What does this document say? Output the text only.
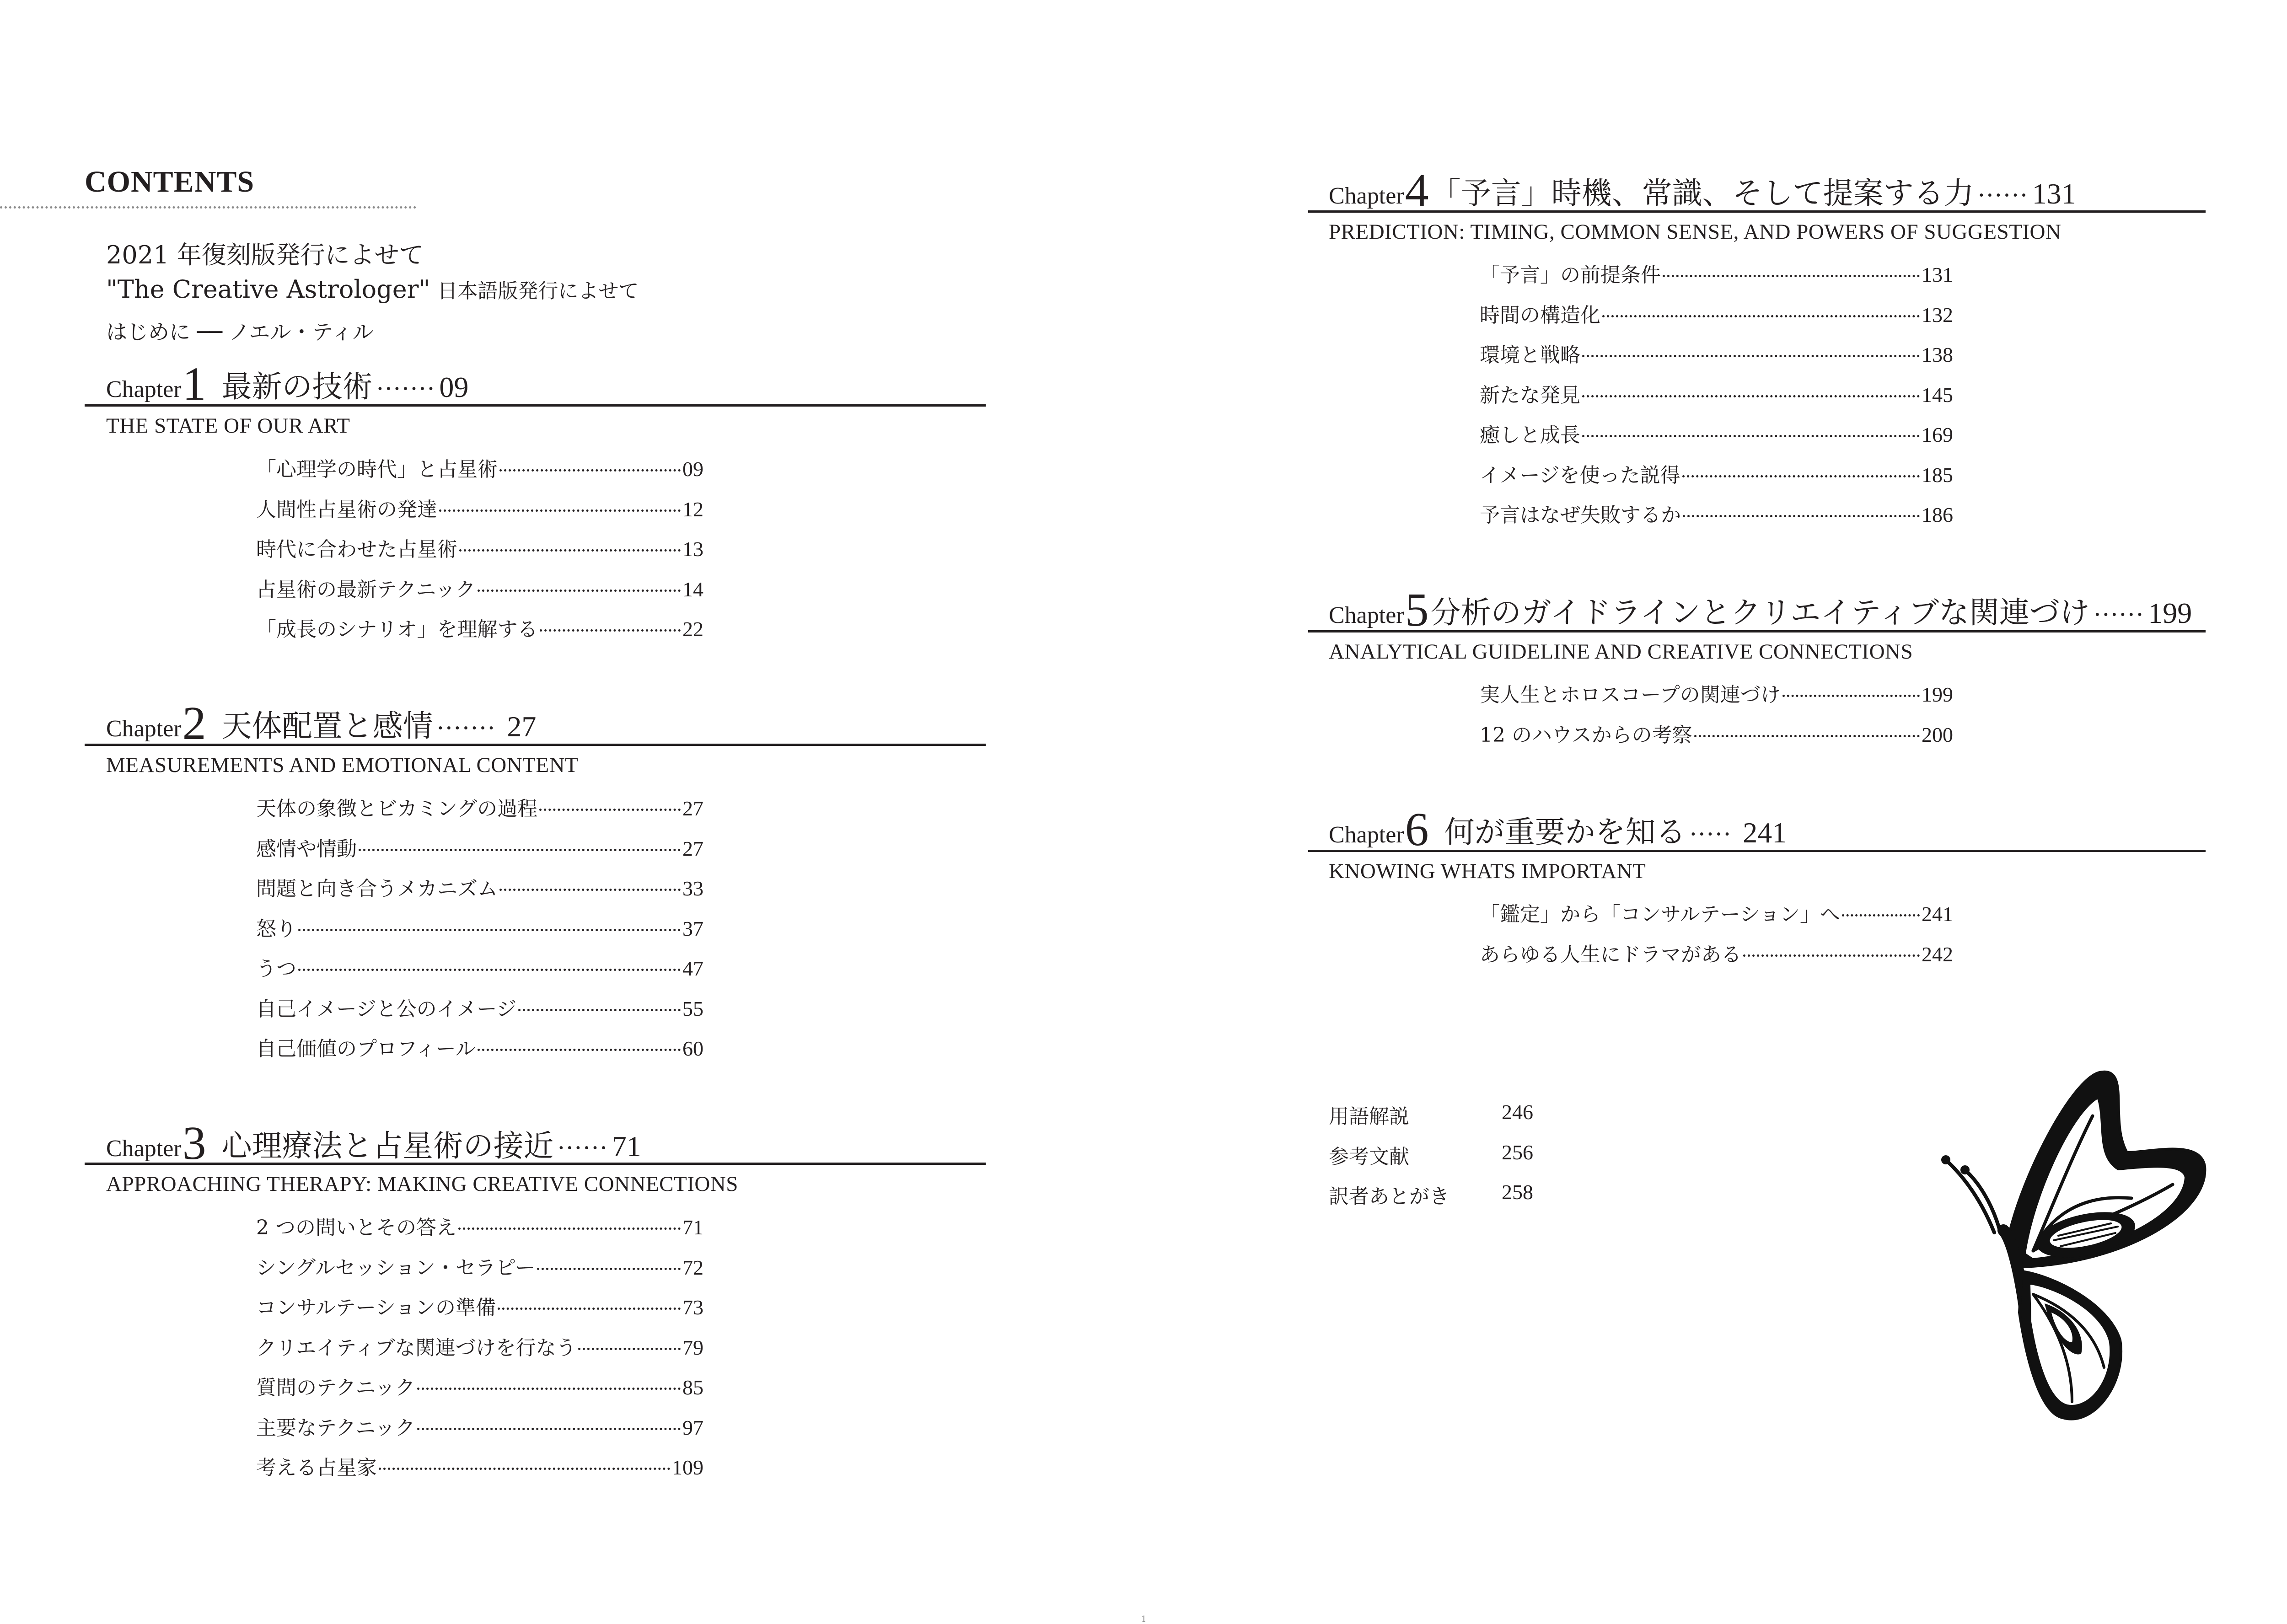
CONTENTS
2021 年復刻版発行によせて
"The Creative Astrologer" 日本語版発行によせて
はじめに ── ノエル・ティル
Chapter1 最新の技術 ······· 09
THE STATE OF OUR ART
「心理学の時代」と占星術	09
人間性占星術の発達	12
時代に合わせた占星術	13
占星術の最新テクニック	14
「成長のシナリオ」を理解する	22
Chapter2 天体配置と感情 ······· 27
MEASUREMENTS AND EMOTIONAL CONTENT
天体の象徴とビカミングの過程	27
感情や情動	27
問題と向き合うメカニズム	33
怒り	37
うつ	47
自己イメージと公のイメージ	55
自己価値のプロフィール	60
Chapter3 心理療法と占星術の接近 ······ 71
APPROACHING THERAPY: MAKING CREATIVE CONNECTIONS
2 つの問いとその答え	71
シングルセッション・セラピー	72
コンサルテーションの準備	73
クリエイティブな関連づけを行なう	79
質問のテクニック	85
主要なテクニック	97
考える占星家	109
Chapter4「予言」時機、常識、そして提案する力 ······ 131
PREDICTION: TIMING, COMMON SENSE, AND POWERS OF SUGGESTION
「予言」の前提条件	131
時間の構造化	132
環境と戦略	138
新たな発見	145
癒しと成長	169
イメージを使った説得	185
予言はなぜ失敗するか	186
Chapter5分析のガイドラインとクリエイティブな関連づけ ······ 199
ANALYTICAL GUIDELINE AND CREATIVE CONNECTIONS
実人生とホロスコープの関連づけ	199
12 のハウスからの考察	200
Chapter6 何が重要かを知る ····· 241
KNOWING WHATS IMPORTANT
「鑑定」から「コンサルテーション」へ	241
あらゆる人生にドラマがある	242
用語解説	246
参考文献	256
訳者あとがき 258
1
